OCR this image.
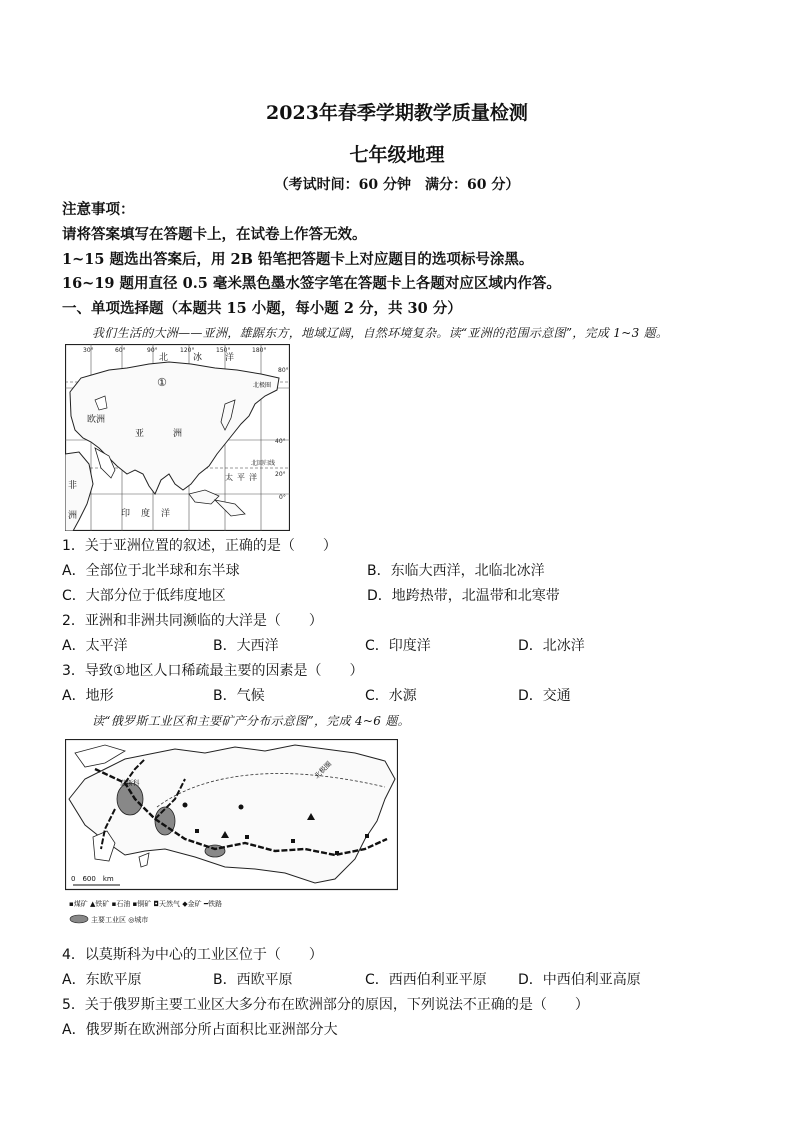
2023年春季学期教学质量检测
七年级地理
（考试时间：60 分钟　满分：60 分）
注意事项：
请将答案填写在答题卡上，在试卷上作答无效。
1~15 题选出答案后，用 2B 铅笔把答题卡上对应题目的选项标号涂黑。
16~19 题用直径 0.5 毫米黑色墨水签字笔在答题卡上各题对应区域内作答。
一、单项选择题（本题共 15 小题，每小题 2 分，共 30 分）
我们生活的大洲——亚洲，雄踞东方，地域辽阔，自然环境复杂。读“亚洲的范围示意图”，完成 1~3 题。
30°	60°	90°	120°	150°	180°
80°
40°
20°
0°
北	冰	洋
①
欧洲
亚	洲
北极圈
北回归线
太 平 洋
非
洲	印 度 洋
1．关于亚洲位置的叙述，正确的是（　　）
A．全部位于北半球和东半球	B．东临大西洋，北临北冰洋
C．大部分位于低纬度地区	D．地跨热带，北温带和北寒带
2．亚洲和非洲共同濒临的大洋是（　　）
A．太平洋	B．大西洋	C．印度洋	D．北冰洋
3．导致①地区人口稀疏最主要的因素是（　　）
A．地形	B．气候	C．水源	D．交通
读“俄罗斯工业区和主要矿产分布示意图”，完成 4~6 题。
莫斯科
北极圈
0　600　km
▪煤矿 ▲铁矿 ▪石油 ▪铜矿 ◘天然气 ◆金矿 ━铁路
主要工业区 ◎城市
4．以莫斯科为中心的工业区位于（　　）
A．东欧平原	B．西欧平原	C．西西伯利亚平原 D．中西伯利亚高原
5．关于俄罗斯主要工业区大多分布在欧洲部分的原因，下列说法不正确的是（　　）
A．俄罗斯在欧洲部分所占面积比亚洲部分大
